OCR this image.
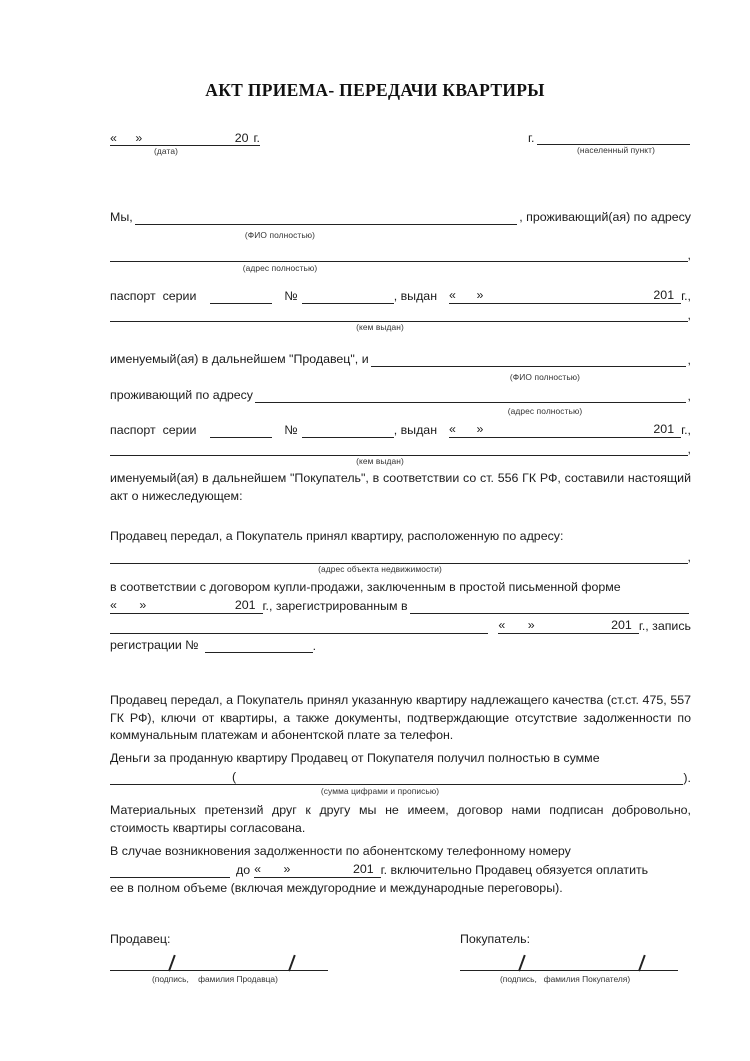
АКТ ПРИЕМА- ПЕРЕДАЧИ КВАРТИРЫ
« »	20 г.
(дата)
г.
(населенный пункт)
Мы,	, проживающий(ая) по адресу
(ФИО полностью)
,
(адрес полностью)
паспорт  серии	№	, выдан « »	201 г.,
,
(кем выдан)
именуемый(ая) в дальнейшем "Продавец", и	,
(ФИО полностью)
проживающий по адресу	,
(адрес полностью)
паспорт  серии	№	, выдан « »	201 г.,
,
(кем выдан)
именуемый(ая) в дальнейшем "Покупатель", в соответствии со ст. 556 ГК РФ, составили настоящий акт о нижеследующем:
Продавец передал, а Покупатель принял квартиру, расположенную по адресу:
,
(адрес объекта недвижимости)
в соответствии с договором купли-продажи, заключенным в простой письменной форме
« »	201 г., зарегистрированным в
« »	201 г., запись
регистрации №	.
Продавец передал, а Покупатель принял указанную квартиру надлежащего качества (ст.ст. 475, 557 ГК РФ), ключи от квартиры, а также документы, подтверждающие отсутствие задолженности по коммунальным платежам и абонентской плате за телефон.
Деньги за проданную квартиру Продавец от Покупателя получил полностью в сумме
(	).
(сумма цифрами и прописью)
Материальных претензий друг к другу мы не имеем, договор нами подписан добровольно, стоимость квартиры согласована.
В случае возникновения задолженности по абонентскому телефонному номеру
до « »	201 г. включительно Продавец обязуется оплатить
ее в полном объеме (включая междугородние и международные переговоры).
Продавец:	Покупатель:
(подпись,    фамилия Продавца)	(подпись,   фамилия Покупателя)
